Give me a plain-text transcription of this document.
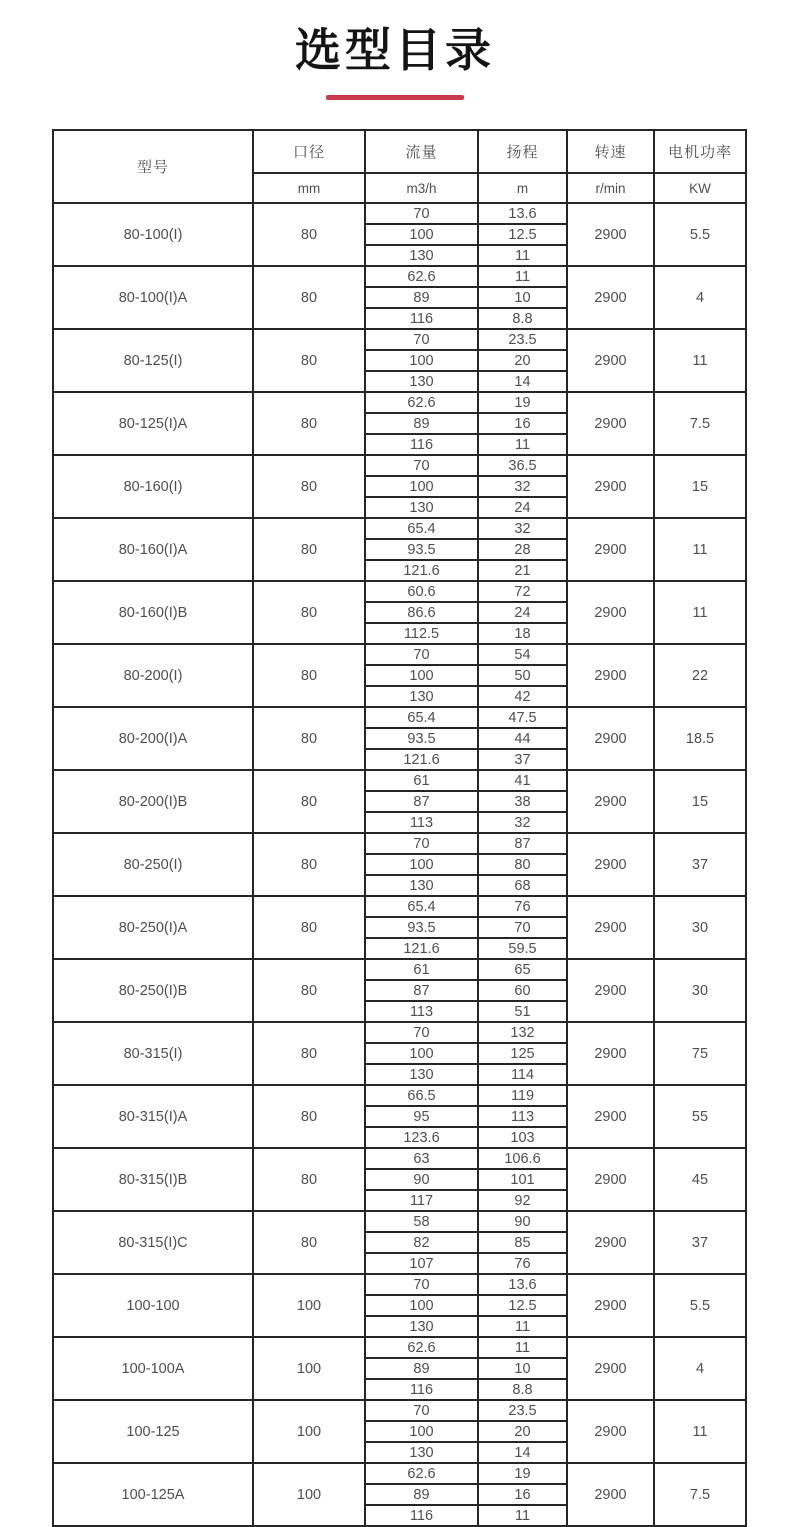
选型目录
型号	口径	流量	扬程	转速	电机功率
	mm	m3/h	m	r/min	KW
80-100(I)	80	70	13.6	2900	5.5
		100	12.5		
		130	11		
80-100(I)A	80	62.6	11	2900	4
		89	10		
		116	8.8		
80-125(I)	80	70	23.5	2900	11
		100	20		
		130	14		
80-125(I)A	80	62.6	19	2900	7.5
		89	16		
		116	11		
80-160(I)	80	70	36.5	2900	15
		100	32		
		130	24		
80-160(I)A	80	65.4	32	2900	11
		93.5	28		
		121.6	21		
80-160(I)B	80	60.6	72	2900	11
		86.6	24		
		112.5	18		
80-200(I)	80	70	54	2900	22
		100	50		
		130	42		
80-200(I)A	80	65.4	47.5	2900	18.5
		93.5	44		
		121.6	37		
80-200(I)B	80	61	41	2900	15
		87	38		
		113	32		
80-250(I)	80	70	87	2900	37
		100	80		
		130	68		
80-250(I)A	80	65.4	76	2900	30
		93.5	70		
		121.6	59.5		
80-250(I)B	80	61	65	2900	30
		87	60		
		113	51		
80-315(I)	80	70	132	2900	75
		100	125		
		130	114		
80-315(I)A	80	66.5	119	2900	55
		95	113		
		123.6	103		
80-315(I)B	80	63	106.6	2900	45
		90	101		
		117	92		
80-315(I)C	80	58	90	2900	37
		82	85		
		107	76		
100-100	100	70	13.6	2900	5.5
		100	12.5		
		130	11		
100-100A	100	62.6	11	2900	4
		89	10		
		116	8.8		
100-125	100	70	23.5	2900	11
		100	20		
		130	14		
100-125A	100	62.6	19	2900	7.5
		89	16		
		116	11		
